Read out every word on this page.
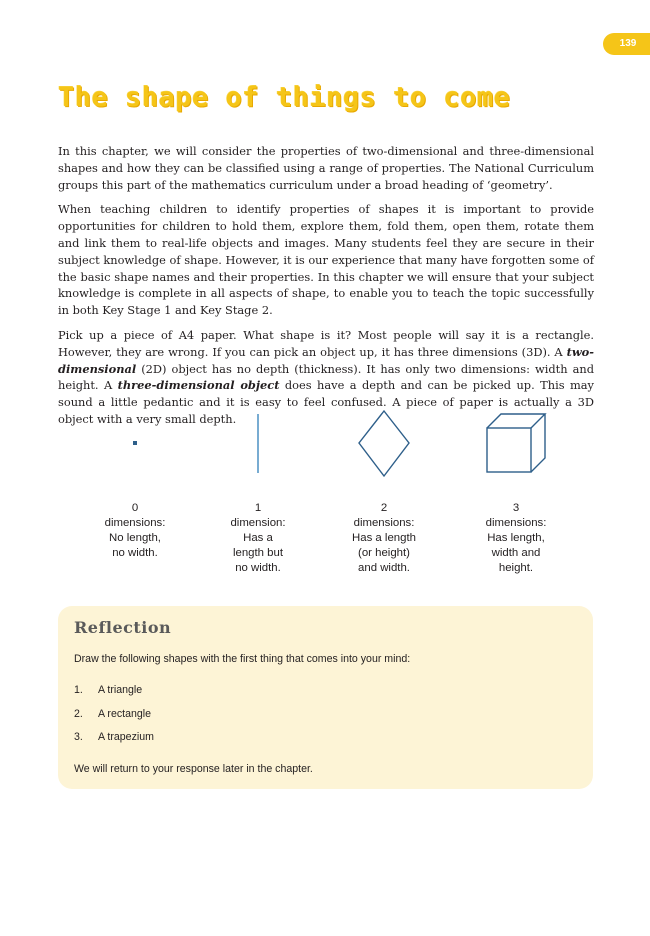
139
The shape of things to come

In this chapter, we will consider the properties of two-dimensional and three-dimensional shapes and how they can be classified using a range of properties. The National Curriculum groups this part of the mathematics curriculum under a broad heading of ‘geometry’.

When teaching children to identify properties of shapes it is important to provide opportunities for children to hold them, explore them, fold them, open them, rotate them and link them to real-life objects and images. Many students feel they are secure in their subject knowledge of shape. However, it is our experience that many have forgotten some of the basic shape names and their properties. In this chapter we will ensure that your subject knowledge is complete in all aspects of shape, to enable you to teach the topic successfully in both Key Stage 1 and Key Stage 2.

Pick up a piece of A4 paper. What shape is it? Most people will say it is a rectangle. However, they are wrong. If you can pick an object up, it has three dimensions (3D). A two-dimensional (2D) object has no depth (thickness). It has only two dimensions: width and height. A three-dimensional object does have a depth and can be picked up. This may sound a little pedantic and it is easy to feel confused. A piece of paper is actually a 3D object with a very small depth.

0
dimensions:
No length,
no width.
1
dimension:
Has a
length but
no width.
2
dimensions:
Has a length
(or height)
and width.
3
dimensions:
Has length,
width and
height.
Reflection

Draw the following shapes with the first thing that comes into your mind:

1.	A triangle
2.	A rectangle
3.	A trapezium

We will return to your response later in the chapter.
